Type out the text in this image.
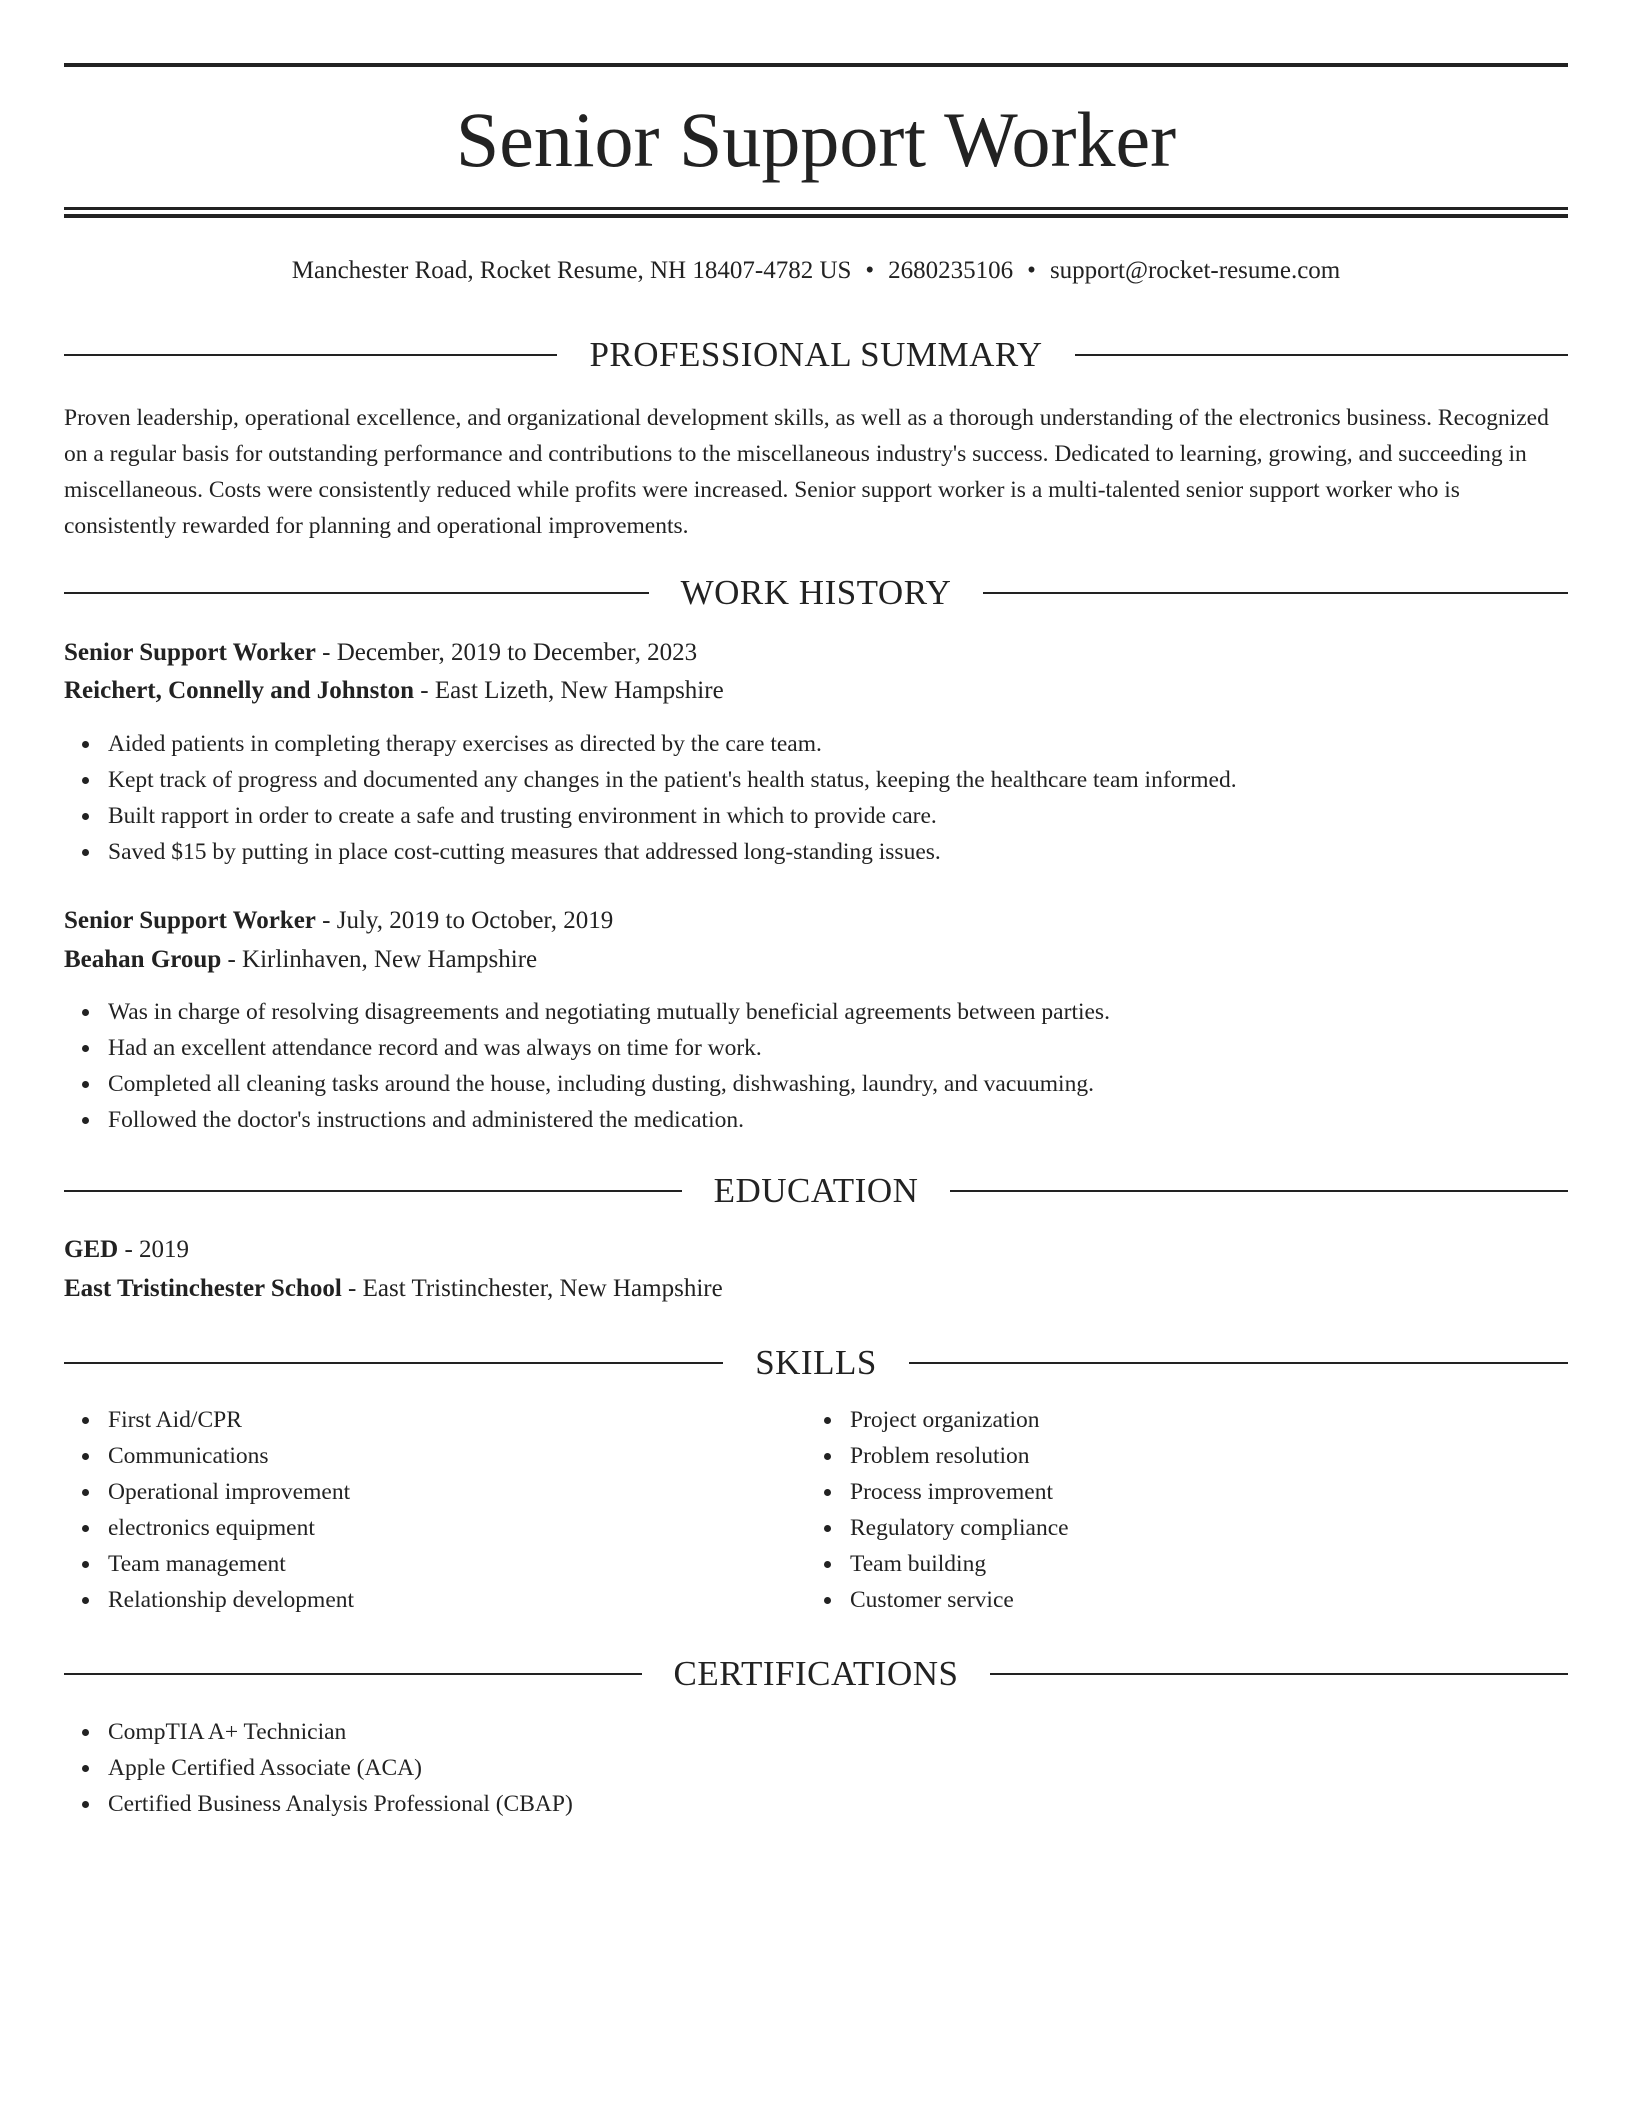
Senior Support Worker
Manchester Road, Rocket Resume, NH 18407-4782 US • 2680235106 • support@rocket-resume.com
PROFESSIONAL SUMMARY

Proven leadership, operational excellence, and organizational development skills, as well as a thorough understanding of the electronics business. Recognized on a regular basis for outstanding performance and contributions to the miscellaneous industry's success. Dedicated to learning, growing, and succeeding in miscellaneous. Costs were consistently reduced while profits were increased. Senior support worker is a multi-talented senior support worker who is consistently rewarded for planning and operational improvements.

WORK HISTORY
Senior Support Worker - December, 2019 to December, 2023
Reichert, Connelly and Johnston - East Lizeth, New Hampshire
Aided patients in completing therapy exercises as directed by the care team.
Kept track of progress and documented any changes in the patient's health status, keeping the healthcare team informed.
Built rapport in order to create a safe and trusting environment in which to provide care.
Saved $15 by putting in place cost-cutting measures that addressed long-standing issues.
Senior Support Worker - July, 2019 to October, 2019
Beahan Group - Kirlinhaven, New Hampshire
Was in charge of resolving disagreements and negotiating mutually beneficial agreements between parties.
Had an excellent attendance record and was always on time for work.
Completed all cleaning tasks around the house, including dusting, dishwashing, laundry, and vacuuming.
Followed the doctor's instructions and administered the medication.
EDUCATION
GED - 2019
East Tristinchester School - East Tristinchester, New Hampshire
SKILLS
First Aid/CPR
Communications
Operational improvement
electronics equipment
Team management
Relationship development
Project organization
Problem resolution
Process improvement
Regulatory compliance
Team building
Customer service
CERTIFICATIONS
CompTIA A+ Technician
Apple Certified Associate (ACA)
Certified Business Analysis Professional (CBAP)
